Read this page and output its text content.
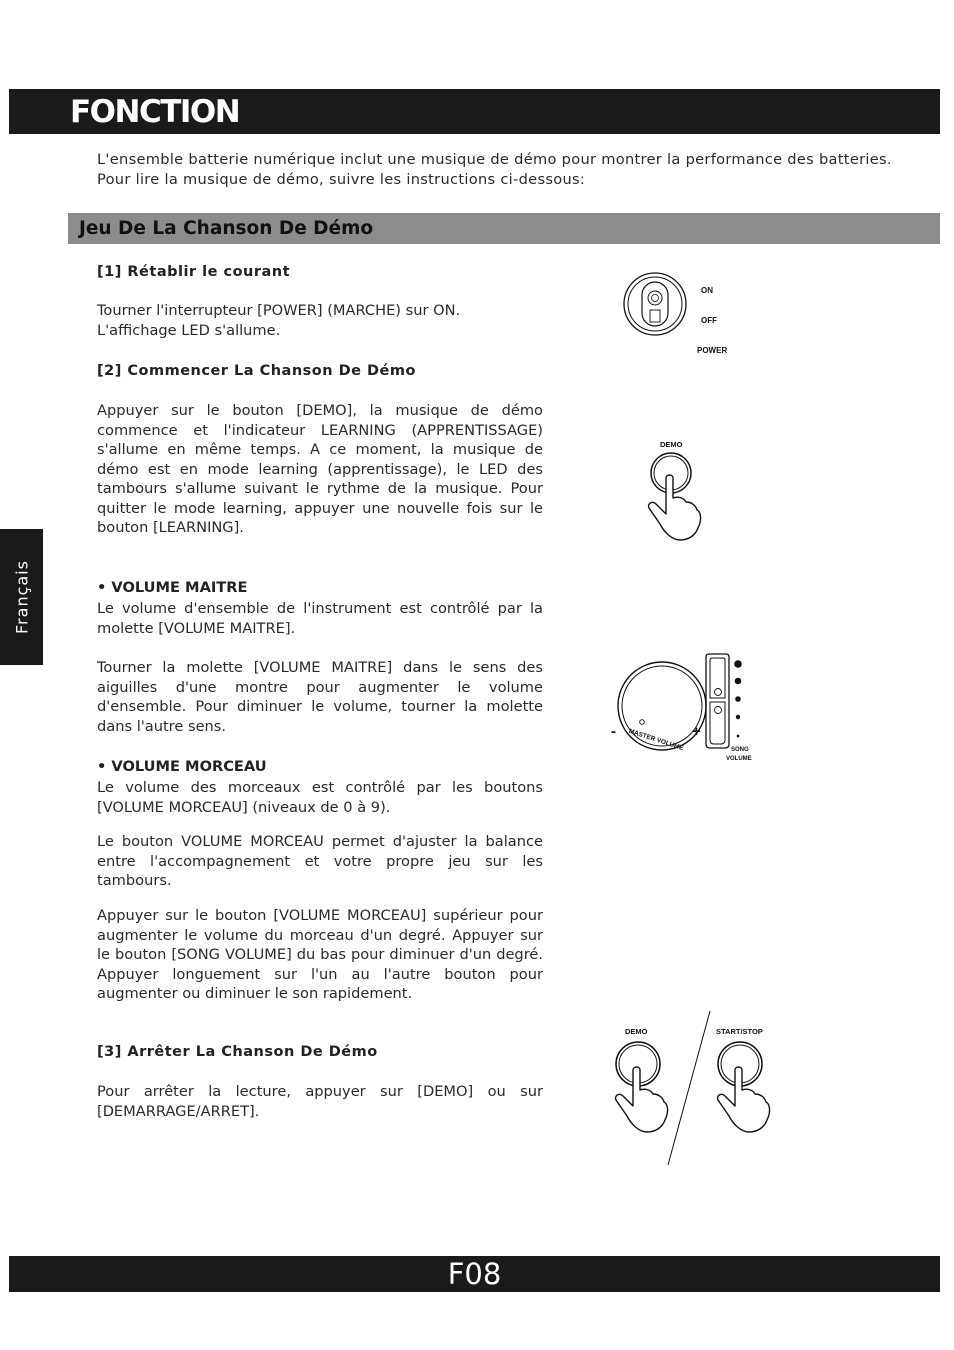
FONCTION

L'ensemble batterie numérique inclut une musique de démo pour montrer la performance des batteries. Pour lire la musique de démo, suivre les instructions ci-dessous:

Jeu De La Chanson De Démo
[1] Rétablir le courant

Tourner l'interrupteur [POWER] (MARCHE) sur ON. L'affichage LED s'allume.

[2] Commencer La Chanson De Démo

Appuyer sur le bouton [DEMO], la musique de démo commence et l'indicateur LEARNING (APPRENTISSAGE) s'allume en même temps. A ce moment, la musique de démo est en mode learning (apprentissage), le LED des tambours s'allume suivant le rythme de la musique. Pour quitter le mode learning, appuyer une nouvelle fois sur le bouton [LEARNING].

• VOLUME MAITRE

Le volume d'ensemble de l'instrument est contrôlé par la molette [VOLUME MAITRE].

Tourner la molette [VOLUME MAITRE] dans le sens des aiguilles d'une montre pour augmenter le volume d'ensemble. Pour diminuer le volume, tourner la molette dans l'autre sens.

• VOLUME MORCEAU

Le volume des morceaux est contrôlé par les boutons [VOLUME MORCEAU] (niveaux de 0 à 9).

Le bouton VOLUME MORCEAU permet d'ajuster la balance entre l'accompagnement et votre propre jeu sur les tambours.

Appuyer sur le bouton [VOLUME MORCEAU] supérieur pour augmenter le volume du morceau d'un degré. Appuyer sur le bouton [SONG VOLUME] du bas pour diminuer d'un degré. Appuyer longuement sur l'un au l'autre bouton pour augmenter ou diminuer le son rapidement.

[3] Arrêter La Chanson De Démo

Pour arrêter la lecture, appuyer sur [DEMO] ou sur [DEMARRAGE/ARRET].

Français
ON
OFF
POWER
DEMO
-	+
MASTER VOLUME	SONG
VOLUME
DEMO	START/STOP
F08
